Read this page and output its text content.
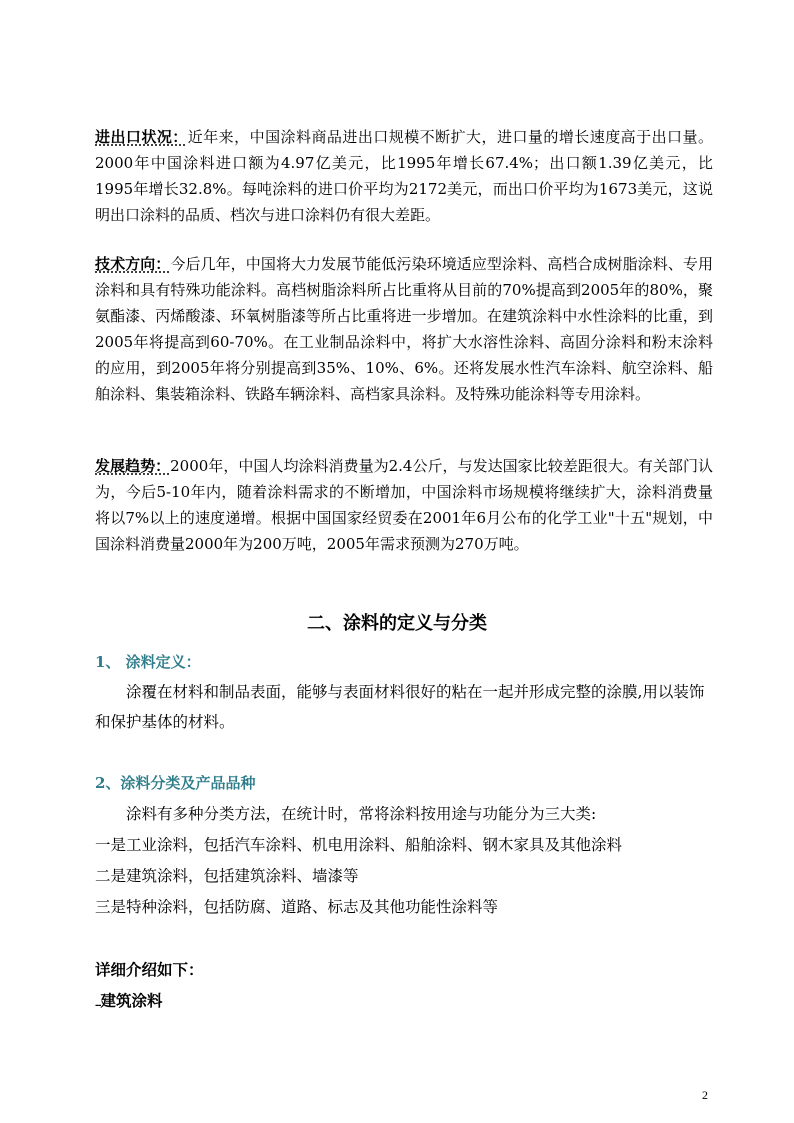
进出口状况：近年来，中国涂料商品进出口规模不断扩大，进口量的增长速度高于出口量。2000年中国涂料进口额为4.97亿美元，比1995年增长67.4%；出口额1.39亿美元，比1995年增长32.8%。每吨涂料的进口价平均为2172美元，而出口价平均为1673美元，这说明出口涂料的品质、档次与进口涂料仍有很大差距。

技术方向：今后几年，中国将大力发展节能低污染环境适应型涂料、高档合成树脂涂料、专用涂料和具有特殊功能涂料。高档树脂涂料所占比重将从目前的70%提高到2005年的80%，聚氨酯漆、丙烯酸漆、环氧树脂漆等所占比重将进一步增加。在建筑涂料中水性涂料的比重，到2005年将提高到60-70%。在工业制品涂料中，将扩大水溶性涂料、高固分涂料和粉末涂料的应用，到2005年将分别提高到35%、10%、6%。还将发展水性汽车涂料、航空涂料、船舶涂料、集装箱涂料、铁路车辆涂料、高档家具涂料。及特殊功能涂料等专用涂料。

发展趋势：2000年，中国人均涂料消费量为2.4公斤，与发达国家比较差距很大。有关部门认为，今后5-10年内，随着涂料需求的不断增加，中国涂料市场规模将继续扩大，涂料消费量将以7%以上的速度递增。根据中国国家经贸委在2001年6月公布的化学工业"十五"规划，中国涂料消费量2000年为200万吨，2005年需求预测为270万吨。

二、涂料的定义与分类

1、 涂料定义：

涂覆在材料和制品表面，能够与表面材料很好的粘在一起并形成完整的涂膜,用以装饰和保护基体的材料。

2、涂料分类及产品品种

涂料有多种分类方法，在统计时，常将涂料按用途与功能分为三大类:

一是工业涂料，包括汽车涂料、机电用涂料、船舶涂料、钢木家具及其他涂料

二是建筑涂料，包括建筑涂料、墙漆等

三是特种涂料，包括防腐、道路、标志及其他功能性涂料等

详细介绍如下：

--建筑涂料

2
